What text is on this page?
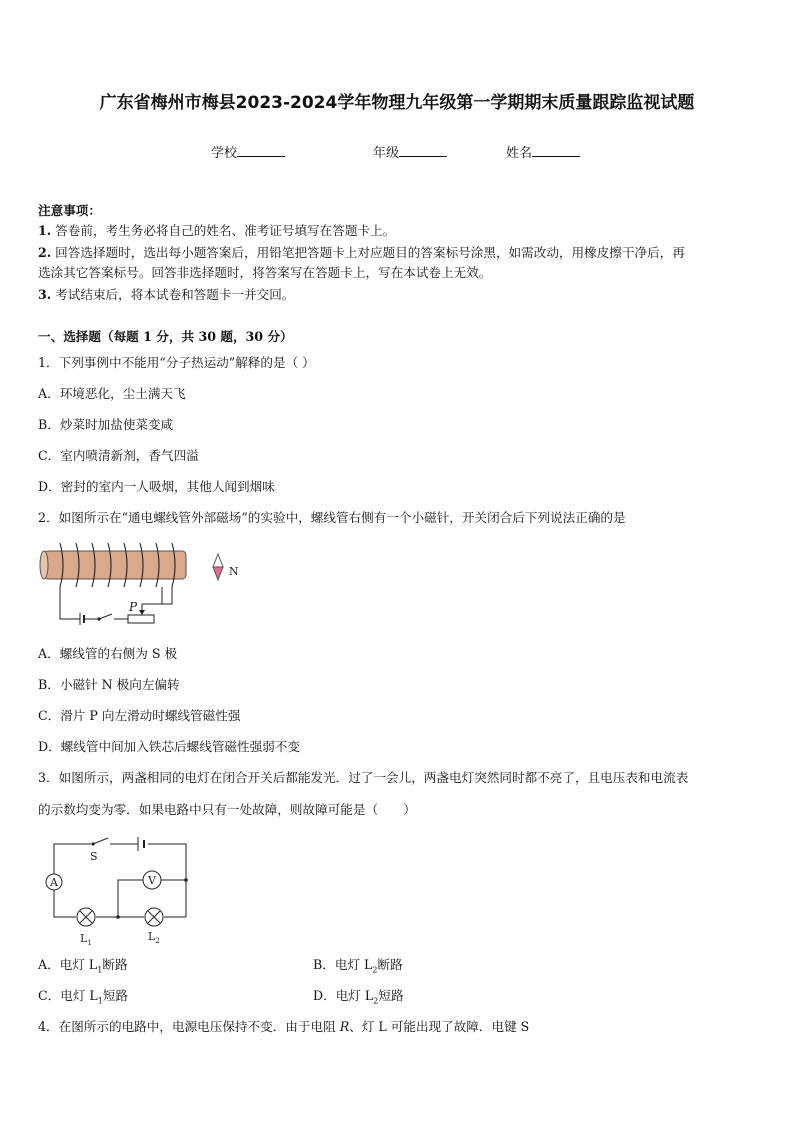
广东省梅州市梅县2023-2024学年物理九年级第一学期期末质量跟踪监视试题
学校	年级	姓名
注意事项：
1. 答卷前，考生务必将自己的姓名、准考证号填写在答题卡上。
2. 回答选择题时，选出每小题答案后，用铅笔把答题卡上对应题目的答案标号涂黑，如需改动，用橡皮擦干净后，再
选涂其它答案标号。回答非选择题时，将答案写在答题卡上，写在本试卷上无效。
3. 考试结束后，将本试卷和答题卡一并交回。
一、选择题（每题 1 分，共 30 题，30 分）
1．下列事例中不能用“分子热运动”解释的是（ ）
A．环境恶化，尘土满天飞
B．炒菜时加盐使菜变咸
C．室内喷清新剂，香气四溢
D．密封的室内一人吸烟，其他人闻到烟味
2．如图所示在“通电螺线管外部磁场”的实验中，螺线管右侧有一个小磁针，开关闭合后下列说法正确的是
P
N
A．螺线管的右侧为 S 极
B．小磁针 N 极向左偏转
C．滑片 P 向左滑动时螺线管磁性强
D．螺线管中间加入铁芯后螺线管磁性强弱不变
3．如图所示，两盏相同的电灯在闭合开关后都能发光．过了一会儿，两盏电灯突然同时都不亮了，且电压表和电流表
的示数均变为零．如果电路中只有一处故障，则故障可能是（　　）
S
A	V
$L_1$	$L_2$
A．电灯 $L_1$断路	B．电灯 $L_2$断路
C．电灯 $L_1$短路	D．电灯 $L_2$短路
4．在图所示的电路中，电源电压保持不变．由于电阻 R、灯 L 可能出现了故障．电键 S
